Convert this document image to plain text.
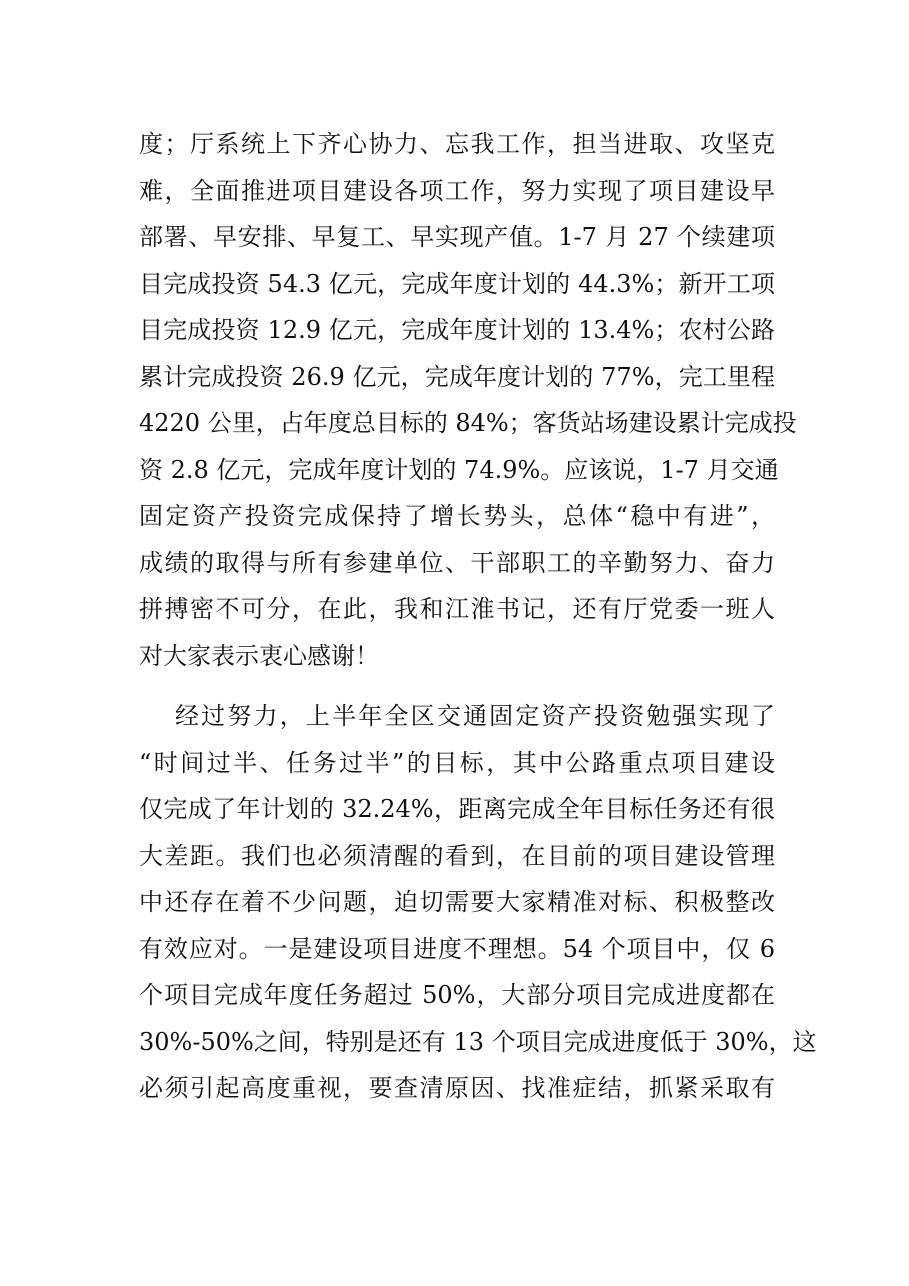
度；厅系统上下齐心协力、忘我工作，担当进取、攻坚克
难，全面推进项目建设各项工作，努力实现了项目建设早
部署、早安排、早复工、早实现产值。1-7 月 27 个续建项
目完成投资 54.3 亿元，完成年度计划的 44.3%；新开工项
目完成投资 12.9 亿元，完成年度计划的 13.4%；农村公路
累计完成投资 26.9 亿元，完成年度计划的 77%，完工里程
4220 公里，占年度总目标的 84%；客货站场建设累计完成投
资 2.8 亿元，完成年度计划的 74.9%。应该说，1-7 月交通
固定资产投资完成保持了增长势头，总体“稳中有进”，
成绩的取得与所有参建单位、干部职工的辛勤努力、奋力
拼搏密不可分，在此，我和江淮书记，还有厅党委一班人
对大家表示衷心感谢！
经过努力，上半年全区交通固定资产投资勉强实现了
“时间过半、任务过半”的目标，其中公路重点项目建设
仅完成了年计划的 32.24%，距离完成全年目标任务还有很
大差距。我们也必须清醒的看到，在目前的项目建设管理
中还存在着不少问题，迫切需要大家精准对标、积极整改
有效应对。一是建设项目进度不理想。54 个项目中，仅 6
个项目完成年度任务超过 50%，大部分项目完成进度都在
30%-50%之间，特别是还有 13 个项目完成进度低于 30%，这
必须引起高度重视，要查清原因、找准症结，抓紧采取有
